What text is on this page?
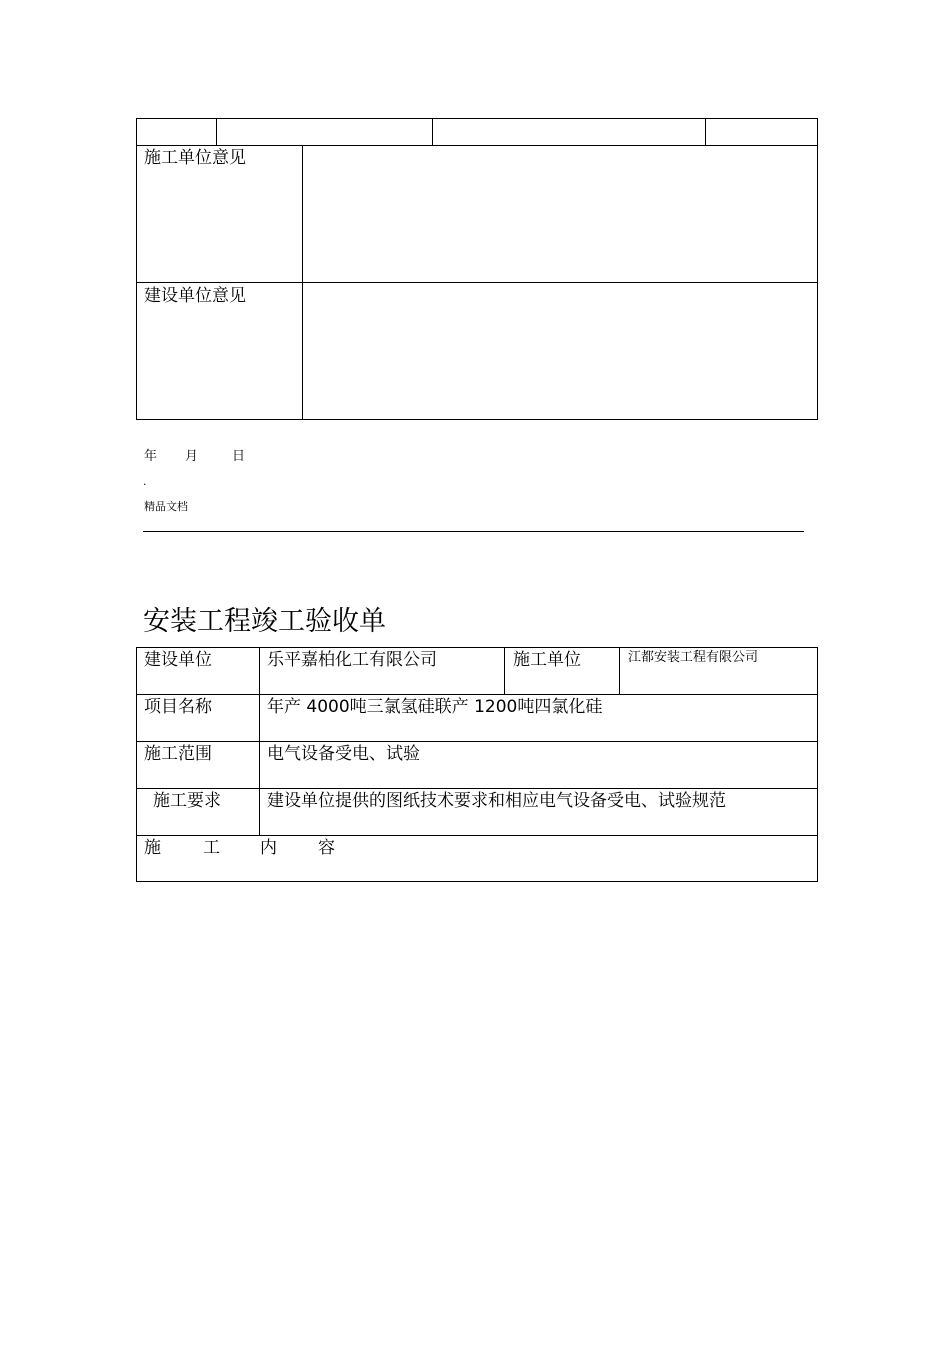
施工单位意见
建设单位意见
年 月	日
.
精品文档
安装工程竣工验收单
建设单位	乐平嘉柏化工有限公司	施工单位	江都安装工程有限公司
项目名称	年产 4000吨三氯氢硅联产 1200吨四氯化硅
施工范围	电气设备受电、试验
施工要求	建设单位提供的图纸技术要求和相应电气设备受电、试验规范
施 工 内 容
